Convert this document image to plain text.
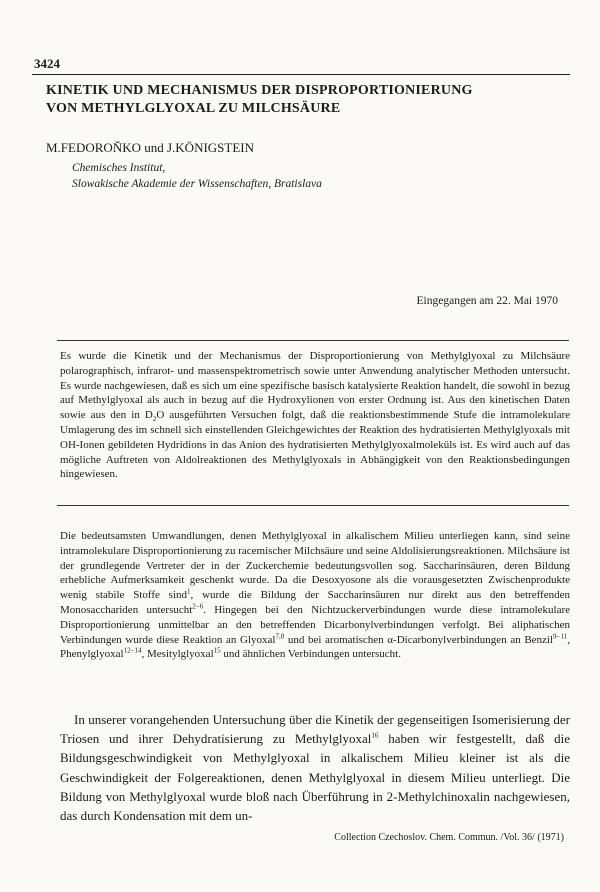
3424
KINETIK UND MECHANISMUS DER DISPROPORTIONIERUNG
VON METHYLGLYOXAL ZU MILCHSÄURE
M.FEDOROŇKO und J.KÖNIGSTEIN
Chemisches Institut,
Slowakische Akademie der Wissenschaften, Bratislava
Eingegangen am 22. Mai 1970

Es wurde die Kinetik und der Mechanismus der Disproportionierung von Methylglyoxal zu Milchsäure polarographisch, infrarot- und massenspektrometrisch sowie unter Anwendung analytischer Methoden untersucht. Es wurde nachgewiesen, daß es sich um eine spezifische basisch katalysierte Reaktion handelt, die sowohl in bezug auf Methylglyoxal als auch in bezug auf die Hydroxylionen von erster Ordnung ist. Aus den kinetischen Daten sowie aus den in $D_2O$ ausgeführten Versuchen folgt, daß die reaktionsbestimmende Stufe die intramolekulare Umlagerung des im schnell sich einstellenden Gleichgewichtes der Reaktion des hydratisierten Methylglyoxals mit OH-Ionen gebildeten Hydridions in das Anion des hydratisierten Methylglyoxalmoleküls ist. Es wird auch auf das mögliche Auftreten von Aldolreaktionen des Methylglyoxals in Abhängigkeit von den Reaktionsbedingungen hingewiesen.

Die bedeutsamsten Umwandlungen, denen Methylglyoxal in alkalischem Milieu unterliegen kann, sind seine intramolekulare Disproportionierung zu racemischer Milchsäure und seine Aldolisierungsreaktionen. Milchsäure ist der grundlegende Vertreter der in der Zuckerchemie bedeutungsvollen sog. Saccharinsäuren, deren Bildung erhebliche Aufmerksamkeit geschenkt wurde. Da die Desoxyosone als die vorausgesetzten Zwischenprodukte wenig stabile Stoffe sind$^1$, wurde die Bildung der Saccharinsäuren nur direkt aus den betreffenden Monosacchariden untersucht$^{2-6}$. Hingegen bei den Nichtzuckerverbindungen wurde diese intramolekulare Disproportionierung unmittelbar an den betreffenden Dicarbonylverbindungen verfolgt. Bei aliphatischen Verbindungen wurde diese Reaktion an Glyoxal$^{7,8}$ und bei aromatischen α-Dicarbonylverbindungen an Benzil$^{9-11}$, Phenylglyoxal$^{12-14}$, Mesitylglyoxal$^{15}$ und ähnlichen Verbindungen untersucht.

In unserer vorangehenden Untersuchung über die Kinetik der gegenseitigen Isomerisierung der Triosen und ihrer Dehydratisierung zu Methylglyoxal$^{16}$ haben wir festgestellt, daß die Bildungsgeschwindigkeit von Methylglyoxal in alkalischem Milieu kleiner ist als die Geschwindigkeit der Folgereaktionen, denen Methylglyoxal in diesem Milieu unterliegt. Die Bildung von Methylglyoxal wurde bloß nach Überführung in 2-Methylchinoxalin nachgewiesen, das durch Kondensation mit dem un-

Collection Czechoslov. Chem. Commun. /Vol. 36/ (1971)
